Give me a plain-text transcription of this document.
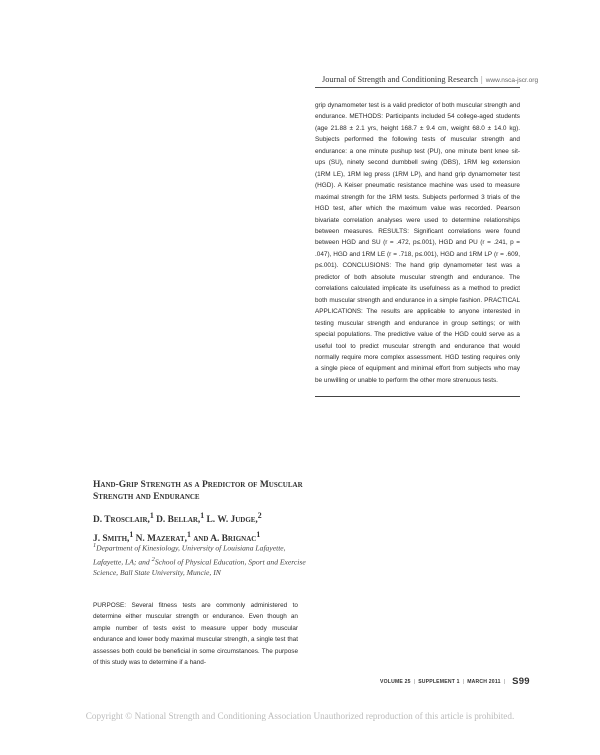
Journal of Strength and Conditioning Research | www.nsca-jscr.org

grip dynamometer test is a valid predictor of both muscular strength and endurance. METHODS: Participants included 54 college-aged students (age 21.88 ± 2.1 yrs, height 168.7 ± 9.4 cm, weight 68.0 ± 14.0 kg). Subjects performed the following tests of muscular strength and endurance: a one minute pushup test (PU), one minute bent knee sit-ups (SU), ninety second dumbbell swing (DBS), 1RM leg extension (1RM LE), 1RM leg press (1RM LP), and hand grip dynamometer test (HGD). A Keiser pneumatic resistance machine was used to measure maximal strength for the 1RM tests. Subjects performed 3 trials of the HGD test, after which the maximum value was recorded. Pearson bivariate correlation analyses were used to determine relationships between measures. RESULTS: Significant correlations were found between HGD and SU (r = .472, p≤.001), HGD and PU (r = .241, p = .047), HGD and 1RM LE (r = .718, p≤.001), HGD and 1RM LP (r = .609, p≤.001). CONCLUSIONS: The hand grip dynamometer test was a predictor of both absolute muscular strength and endurance. The correlations calculated implicate its usefulness as a method to predict both muscular strength and endurance in a simple fashion. PRACTICAL APPLICATIONS: The results are applicable to anyone interested in testing muscular strength and endurance in group settings; or with special populations. The predictive value of the HGD could serve as a useful tool to predict muscular strength and endurance that would normally require more complex assessment. HGD testing requires only a single piece of equipment and minimal effort from subjects who may be unwilling or unable to perform the other more strenuous tests.

Hand-Grip Strength as a Predictor of Muscular Strength and Endurance
D. Trosclair,$^1$ D. Bellar,$^1$ L. W. Judge,$^2$
J. Smith,$^1$ N. Mazerat,$^1$ and A. Brignac$^1$
$^1$Department of Kinesiology, University of Louisiana Lafayette, Lafayette, LA; and $^2$School of Physical Education, Sport and Exercise Science, Ball State University, Muncie, IN

PURPOSE: Several fitness tests are commonly administered to determine either muscular strength or endurance. Even though an ample number of tests exist to measure upper body muscular endurance and lower body maximal muscular strength, a single test that assesses both could be beneficial in some circumstances. The purpose of this study was to determine if a hand-

VOLUME 25 | SUPPLEMENT 1 | MARCH 2011 | S99
Copyright © National Strength and Conditioning Association Unauthorized reproduction of this article is prohibited.
